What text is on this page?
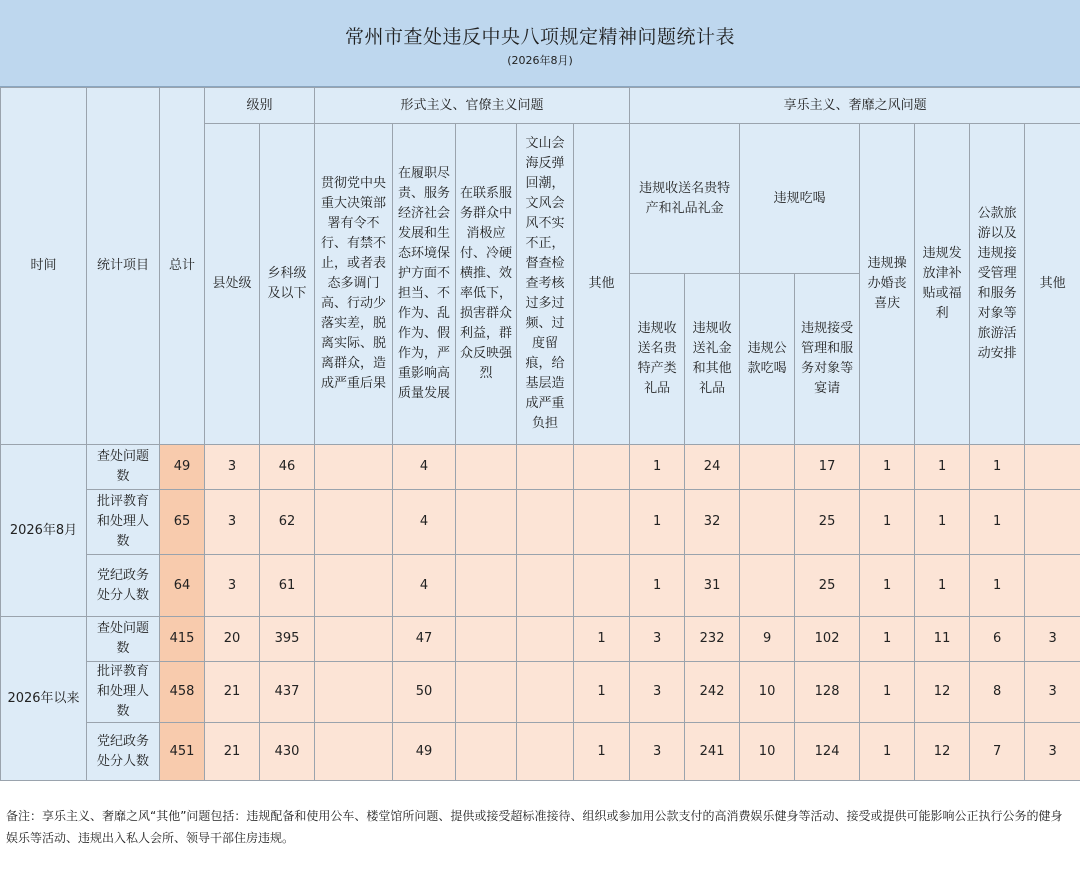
常州市查处违反中央八项规定精神问题统计表
(2026年8月)
时间	统计项目	总计	级别		形式主义、官僚主义问题					享乐主义、奢靡之风问题							
			县处级	乡科级及以下	贯彻党中央重大决策部署有令不行、有禁不止，或者表态多调门高、行动少落实差，脱离实际、脱离群众，造成严重后果	在履职尽责、服务经济社会发展和生态环境保护方面不担当、不作为、乱作为、假作为，严重影响高质量发展	在联系服务群众中消极应付、冷硬横推、效率低下，损害群众利益，群众反映强烈	文山会海反弹回潮，文风会风不实不正，督查检查考核过多过频、过度留痕，给基层造成严重负担	其他	违规收送名贵特产和礼品礼金		违规吃喝		违规操办婚丧喜庆	违规发放津补贴或福利	公款旅游以及违规接受管理和服务对象等旅游活动安排	其他

										违规收送名贵特产类礼品	违规收送礼金和其他礼品	违规公款吃喝	违规接受管理和服务对象等宴请				
2026年8月	查处问题数	49	3	46		4				1	24		17	1	1	1	
	批评教育和处理人数	65	3	62		4				1	32		25	1	1	1	
	党纪政务处分人数	64	3	61		4				1	31		25	1	1	1	
2026年以来	查处问题数	415	20	395		47			1	3	232	9	102	1	11	6	3
	批评教育和处理人数	458	21	437		50			1	3	242	10	128	1	12	8	3
	党纪政务处分人数	451	21	430		49			1	3	241	10	124	1	12	7	3
备注：享乐主义、奢靡之风“其他”问题包括：违规配备和使用公车、楼堂馆所问题、提供或接受超标准接待、组织或参加用公款支付的高消费娱乐健身等活动、接受或提供可能影响公正执行公务的健身娱乐等活动、违规出入私人会所、领导干部住房违规。
